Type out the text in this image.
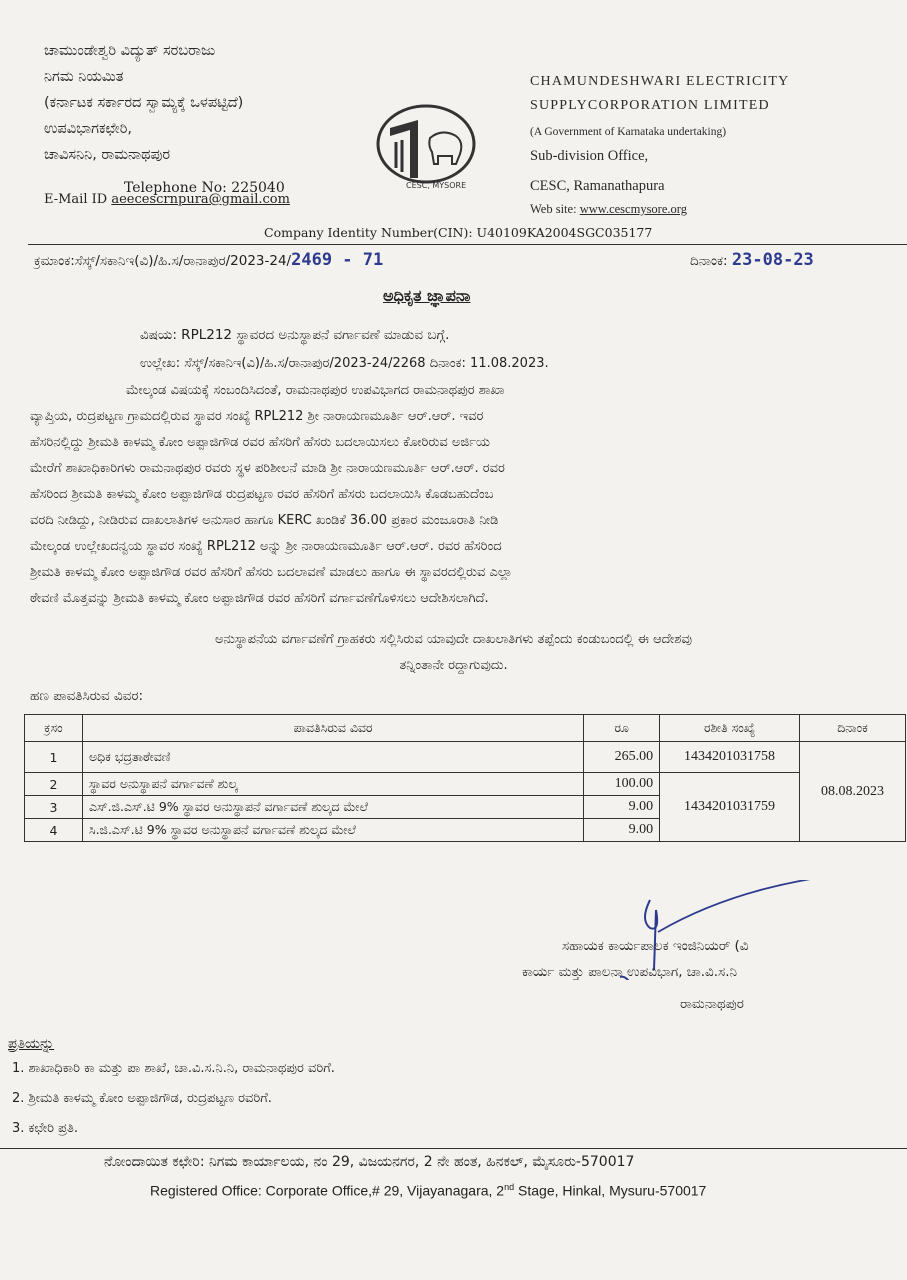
ಚಾಮುಂಡೇಶ್ವರಿ ವಿದ್ಯುತ್ ಸರಬರಾಜು
ನಿಗಮ ನಿಯಮಿತ
(ಕರ್ನಾಟಕ ಸರ್ಕಾರದ ಸ್ವಾಮ್ಯಕ್ಕೆ ಒಳಪಟ್ಟಿದೆ)
ಉಪವಿಭಾಗಕಛೇರಿ,
ಚಾವಿಸನಿನಿ, ರಾಮನಾಥಪುರ
Telephone No: 225040
E-Mail ID aeecescrnpura@gmail.com
CESC, MYSORE
CHAMUNDESHWARI ELECTRICITY
SUPPLYCORPORATION LIMITED
(A Government of Karnataka undertaking)
Sub-division Office,
CESC, Ramanathapura
Web site: www.cescmysore.org
Company Identity Number(CIN): U40109KA2004SGC035177
ಕ್ರಮಾಂಕ:ಸೆಸ್ಕ್/ಸಕಾನಿಇ(ವಿ)/ಹಿ.ಸ/ರಾನಾಪುರ/2023-24/2469 - 71	ದಿನಾಂಕ: 23-08-23
ಅಧಿಕೃತ ಜ್ಞಾಪನಾ
ವಿಷಯ: RPL212 ಸ್ಥಾವರದ ಅನುಸ್ಥಾಪನೆ ವರ್ಗಾವಣೆ ಮಾಡುವ ಬಗ್ಗೆ.
ಉಲ್ಲೇಖ: ಸೆಸ್ಕ್/ಸಕಾನಿಇ(ವಿ)/ಹಿ.ಸ/ರಾನಾಪುರ/2023-24/2268 ದಿನಾಂಕ: 11.08.2023.
ಮೇಲ್ಕಂಡ ವಿಷಯಕ್ಕೆ ಸಂಬಂದಿಸಿದಂತೆ, ರಾಮನಾಥಪುರ ಉಪವಿಭಾಗದ ರಾಮನಾಥಪುರ ಶಾಖಾ
ವ್ಯಾಪ್ತಿಯ, ರುದ್ರಪಟ್ಟಣ ಗ್ರಾಮದಲ್ಲಿರುವ ಸ್ಥಾವರ ಸಂಖ್ಯೆ RPL212 ಶ್ರೀ ನಾರಾಯಣಮೂರ್ತಿ ಆರ್.ಆರ್. ಇವರ
ಹೆಸರಿನಲ್ಲಿದ್ದು ಶ್ರೀಮತಿ ಕಾಳಮ್ಮ ಕೋಂ ಅಪ್ಪಾಜಿಗೌಡ ರವರ ಹೆಸರಿಗೆ ಹೆಸರು ಬದಲಾಯಿಸಲು ಕೋರಿರುವ ಅರ್ಜಿಯ
ಮೇರೆಗೆ ಶಾಖಾಧಿಕಾರಿಗಳು ರಾಮನಾಥಪುರ ರವರು ಸ್ಥಳ ಪರಿಶೀಲನೆ ಮಾಡಿ ಶ್ರೀ ನಾರಾಯಣಮೂರ್ತಿ ಆರ್.ಆರ್. ರವರ
ಹೆಸರಿಂದ ಶ್ರೀಮತಿ ಕಾಳಮ್ಮ ಕೋಂ ಅಪ್ಪಾಜಿಗೌಡ ರುದ್ರಪಟ್ಟಣ ರವರ ಹೆಸರಿಗೆ ಹೆಸರು ಬದಲಾಯಿಸಿ ಕೊಡಬಹುದೆಂಬ
ವರದಿ ನೀಡಿದ್ದು, ನೀಡಿರುವ ದಾಖಲಾತಿಗಳ ಅನುಸಾರ ಹಾಗೂ KERC ಖಂಡಿಕೆ 36.00 ಪ್ರಕಾರ ಮಂಜೂರಾತಿ ನೀಡಿ
ಮೇಲ್ಕಂಡ ಉಲ್ಲೇಖದನ್ವಯ ಸ್ಥಾವರ ಸಂಖ್ಯೆ RPL212 ಅನ್ನು ಶ್ರೀ ನಾರಾಯಣಮೂರ್ತಿ ಆರ್.ಆರ್. ರವರ ಹೆಸರಿಂದ
ಶ್ರೀಮತಿ ಕಾಳಮ್ಮ ಕೋಂ ಅಪ್ಪಾಜಿಗೌಡ ರವರ ಹೆಸರಿಗೆ ಹೆಸರು ಬದಲಾವಣೆ ಮಾಡಲು ಹಾಗೂ ಈ ಸ್ಥಾವರದಲ್ಲಿರುವ ಎಲ್ಲಾ
ಠೇವಣಿ ಮೊತ್ತವನ್ನು ಶ್ರೀಮತಿ ಕಾಳಮ್ಮ ಕೋಂ ಅಪ್ಪಾಜಿಗೌಡ ರವರ ಹೆಸರಿಗೆ ವರ್ಗಾವಣೆಗೊಳಿಸಲು ಆದೇಶಿಸಲಾಗಿದೆ.
ಅನುಸ್ಥಾಪನೆಯ ವರ್ಗಾವಣೆಗೆ ಗ್ರಾಹಕರು ಸಲ್ಲಿಸಿರುವ ಯಾವುದೇ ದಾಖಲಾತಿಗಳು ತಪ್ಪೆಂದು ಕಂಡುಬಂದಲ್ಲಿ ಈ ಆದೇಶವು
ತನ್ನಿಂತಾನೇ ರದ್ದಾಗುವುದು.
ಹಣ ಪಾವತಿಸಿರುವ ವಿವರ:
ಕ್ರಸಂ	ಪಾವತಿಸಿರುವ ವಿವರ	ರೂ	ರಶೀತಿ ಸಂಖ್ಯೆ	ದಿನಾಂಕ
1	ಅಧಿಕ ಭದ್ರತಾಠೇವಣಿ	265.00	1434201031758	08.08.2023
2	ಸ್ಥಾವರ ಅನುಸ್ಥಾಪನೆ ವರ್ಗಾವಣೆ ಶುಲ್ಕ	100.00	1434201031759	
3	ಎಸ್.ಜಿ.ಎಸ್.ಟಿ 9% ಸ್ಥಾವರ ಅನುಸ್ಥಾಪನೆ ವರ್ಗಾವಣೆ ಶುಲ್ಕದ ಮೇಲೆ	9.00		
4	ಸಿ.ಜಿ.ಎಸ್.ಟಿ 9% ಸ್ಥಾವರ ಅನುಸ್ಥಾಪನೆ ವರ್ಗಾವಣೆ ಶುಲ್ಕದ ಮೇಲೆ	9.00		
ಸಹಾಯಕ ಕಾರ್ಯಪಾಲಕ ಇಂಜಿನಿಯರ್ (ವಿ
ಕಾರ್ಯ ಮತ್ತು ಪಾಲನಾ ಉಪವಿಭಾಗ, ಚಾ.ವಿ.ಸ.ನಿ
ರಾಮನಾಥಪುರ
ಪ್ರತಿಯನ್ನು
1. ಶಾಖಾಧಿಕಾರಿ ಕಾ ಮತ್ತು ಪಾ ಶಾಖೆ, ಚಾ.ವಿ.ಸ.ನಿ.ನಿ, ರಾಮನಾಥಪುರ ವರಿಗೆ.
2. ಶ್ರೀಮತಿ ಕಾಳಮ್ಮ ಕೋಂ ಅಪ್ಪಾಜಿಗೌಡ, ರುದ್ರಪಟ್ಟಣ ರವರಿಗೆ.
3. ಕಛೇರಿ ಪ್ರತಿ.
ನೋಂದಾಯಿತ ಕಛೇರಿ: ನಿಗಮ ಕಾರ್ಯಾಲಯ, ನಂ 29, ವಿಜಯನಗರ, 2 ನೇ ಹಂತ, ಹಿನಕಲ್, ಮೈಸೂರು-570017
Registered Office: Corporate Office,# 29, Vijayanagara, 2nd Stage, Hinkal, Mysuru-570017
